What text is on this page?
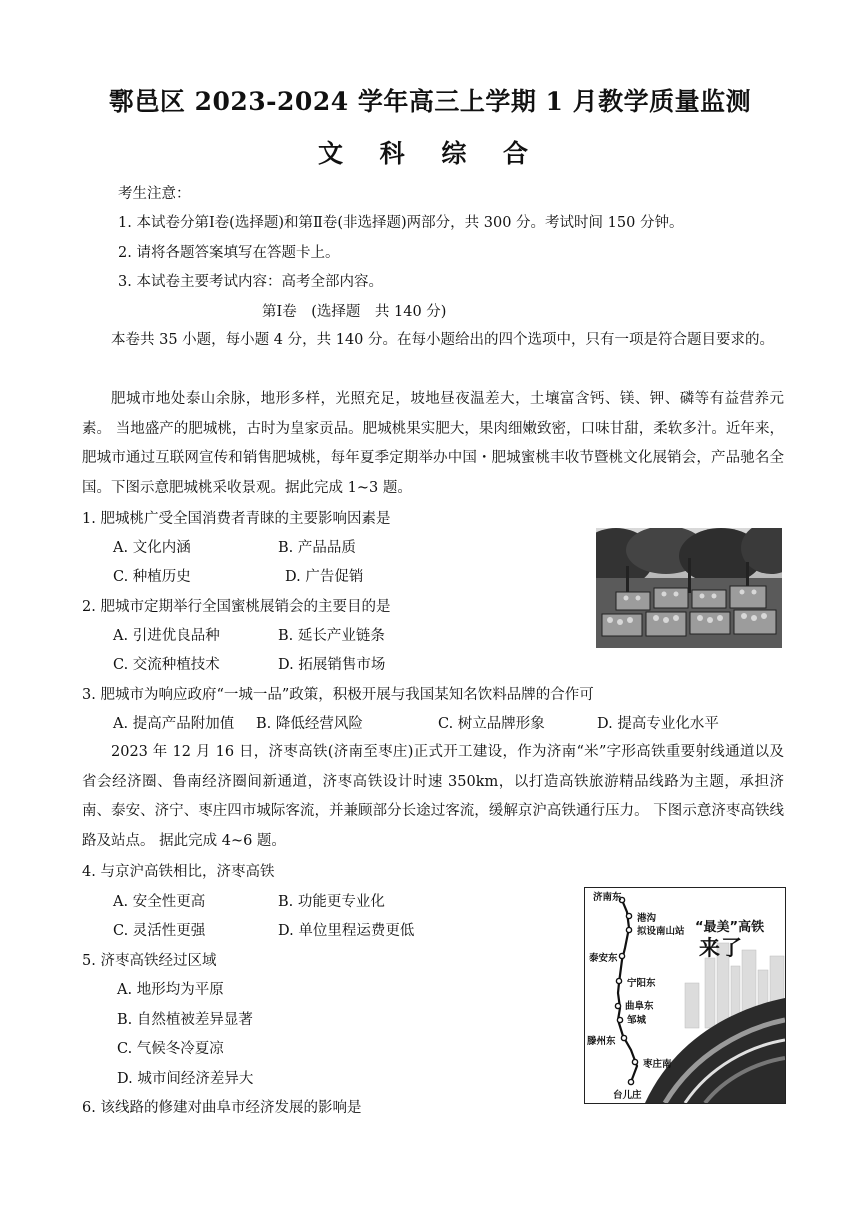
鄠邑区 2023-2024 学年高三上学期 1 月教学质量监测
文 科 综 合
考生注意：
1. 本试卷分第Ⅰ卷(选择题)和第Ⅱ卷(非选择题)两部分，共 300 分。考试时间 150 分钟。
2. 请将各题答案填写在答题卡上。
3. 本试卷主要考试内容：高考全部内容。
第Ⅰ卷　(选择题　共 140 分)
本卷共 35 小题，每小题 4 分，共 140 分。在每小题给出的四个选项中，只有一项是符合题目要求的。
肥城市地处泰山余脉，地形多样，光照充足，坡地昼夜温差大，土壤富含钙、镁、钾、磷等有益营养元素。 当地盛产的肥城桃，古时为皇家贡品。肥城桃果实肥大，果肉细嫩致密，口味甘甜，柔软多汁。近年来，肥城市通过互联网宣传和销售肥城桃，每年夏季定期举办中国・肥城蜜桃丰收节暨桃文化展销会，产品驰名全国。下图示意肥城桃采收景观。据此完成 1~3 题。
1. 肥城桃广受全国消费者青睐的主要影响因素是
A. 文化内涵	B. 产品品质
C. 种植历史	D. 广告促销
2. 肥城市定期举行全国蜜桃展销会的主要目的是
A. 引进优良品种	B. 延长产业链条
C. 交流种植技术	D. 拓展销售市场
3. 肥城市为响应政府“一城一品”政策，积极开展与我国某知名饮料品牌的合作可
A. 提高产品附加值 B. 降低经营风险	C. 树立品牌形象	D. 提高专业化水平
2023 年 12 月 16 日，济枣高铁(济南至枣庄)正式开工建设，作为济南“米”字形高铁重要射线通道以及省会经济圈、鲁南经济圈间新通道，济枣高铁设计时速 350km，以打造高铁旅游精品线路为主题，承担济南、泰安、济宁、枣庄四市城际客流，并兼顾部分长途过客流，缓解京沪高铁通行压力。 下图示意济枣高铁线路及站点。 据此完成 4~6 题。
4. 与京沪高铁相比，济枣高铁
A. 安全性更高	B. 功能更专业化
C. 灵活性更强	D. 单位里程运费更低
5. 济枣高铁经过区域
A. 地形均为平原
B. 自然植被差异显著
C. 气候冬冷夏凉
D. 城市间经济差异大
6. 该线路的修建对曲阜市经济发展的影响是
济南东
港沟
拟设南山站
泰安东
宁阳东
曲阜东
邹城
滕州东
枣庄南
台儿庄
“最美”高铁
来了
